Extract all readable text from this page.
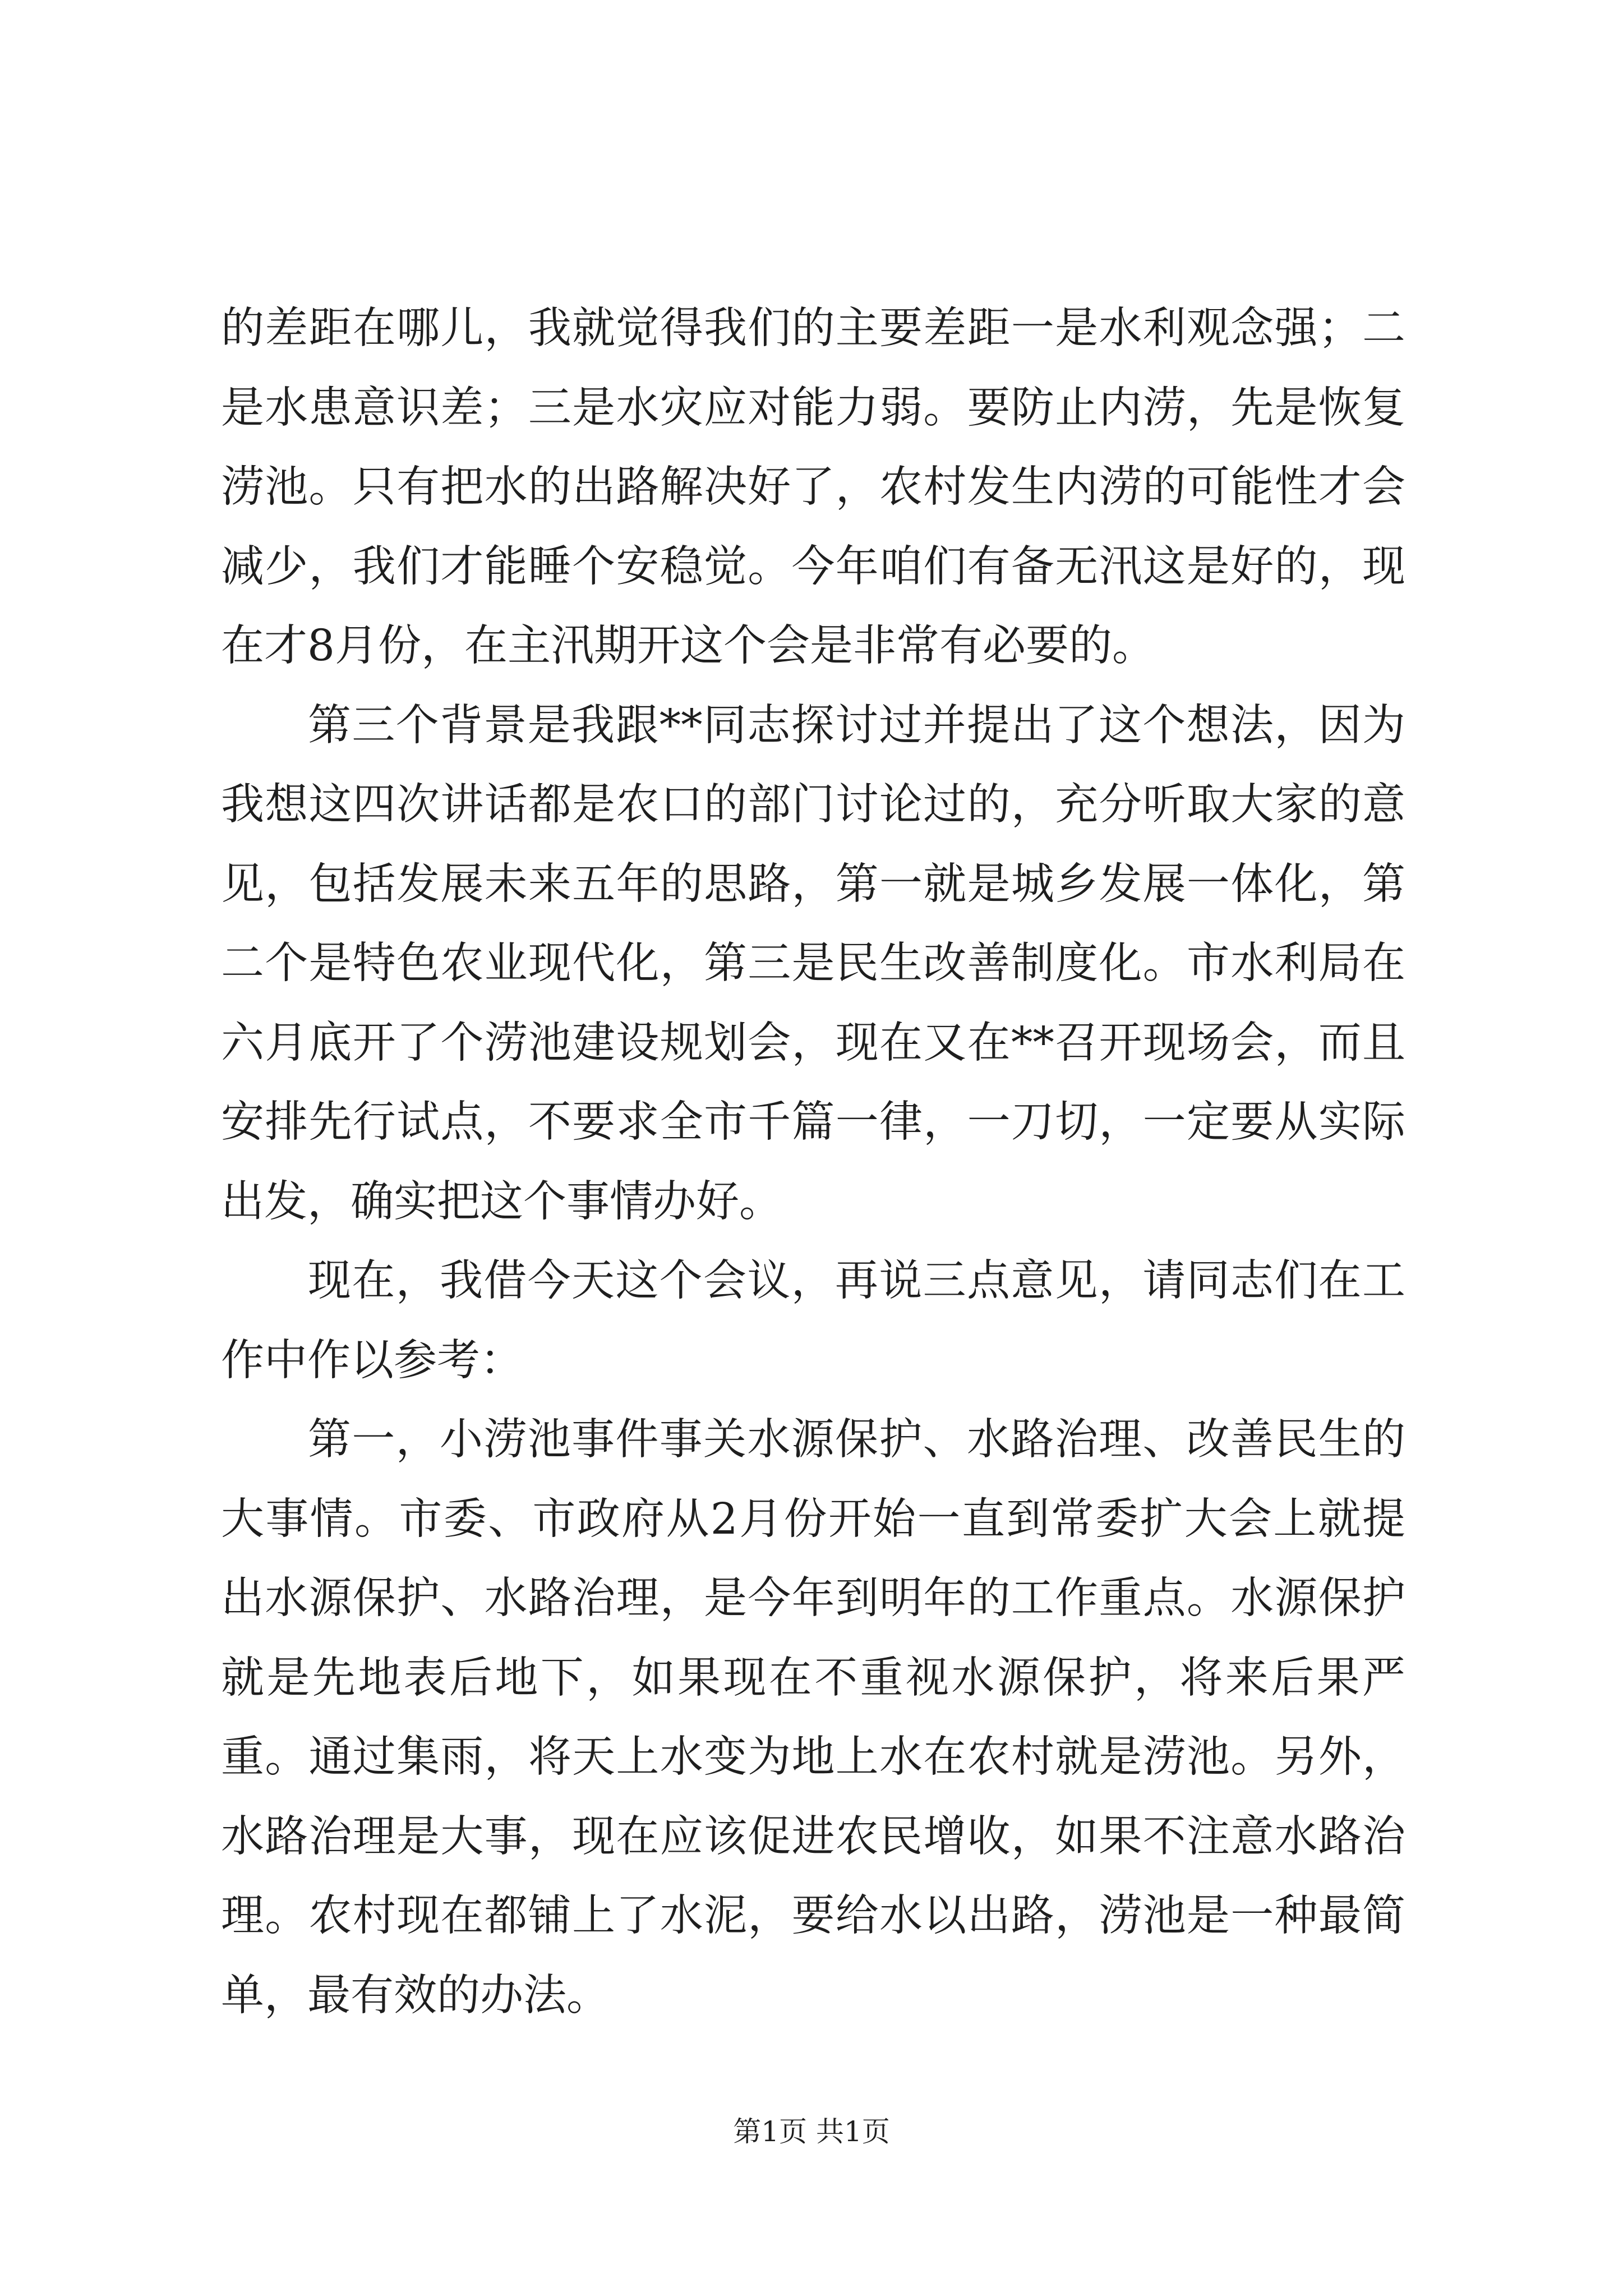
的差距在哪儿，我就觉得我们的主要差距一是水利观念强；二是水患意识差；三是水灾应对能力弱。要防止内涝，先是恢复涝池。只有把水的出路解决好了，农村发生内涝的可能性才会减少，我们才能睡个安稳觉。今年咱们有备无汛这是好的，现在才8月份，在主汛期开这个会是非常有必要的。

第三个背景是我跟**同志探讨过并提出了这个想法，因为我想这四次讲话都是农口的部门讨论过的，充分听取大家的意见，包括发展未来五年的思路，第一就是城乡发展一体化，第二个是特色农业现代化，第三是民生改善制度化。市水利局在六月底开了个涝池建设规划会，现在又在**召开现场会，而且安排先行试点，不要求全市千篇一律，一刀切，一定要从实际出发，确实把这个事情办好。

现在，我借今天这个会议，再说三点意见，请同志们在工作中作以参考：

第一，小涝池事件事关水源保护、水路治理、改善民生的大事情。市委、市政府从2月份开始一直到常委扩大会上就提出水源保护、水路治理，是今年到明年的工作重点。水源保护就是先地表后地下，如果现在不重视水源保护，将来后果严重。通过集雨，将天上水变为地上水在农村就是涝池。另外，水路治理是大事，现在应该促进农民增收，如果不注意水路治理。农村现在都铺上了水泥，要给水以出路，涝池是一种最简单，最有效的办法。

第1页 共1页
